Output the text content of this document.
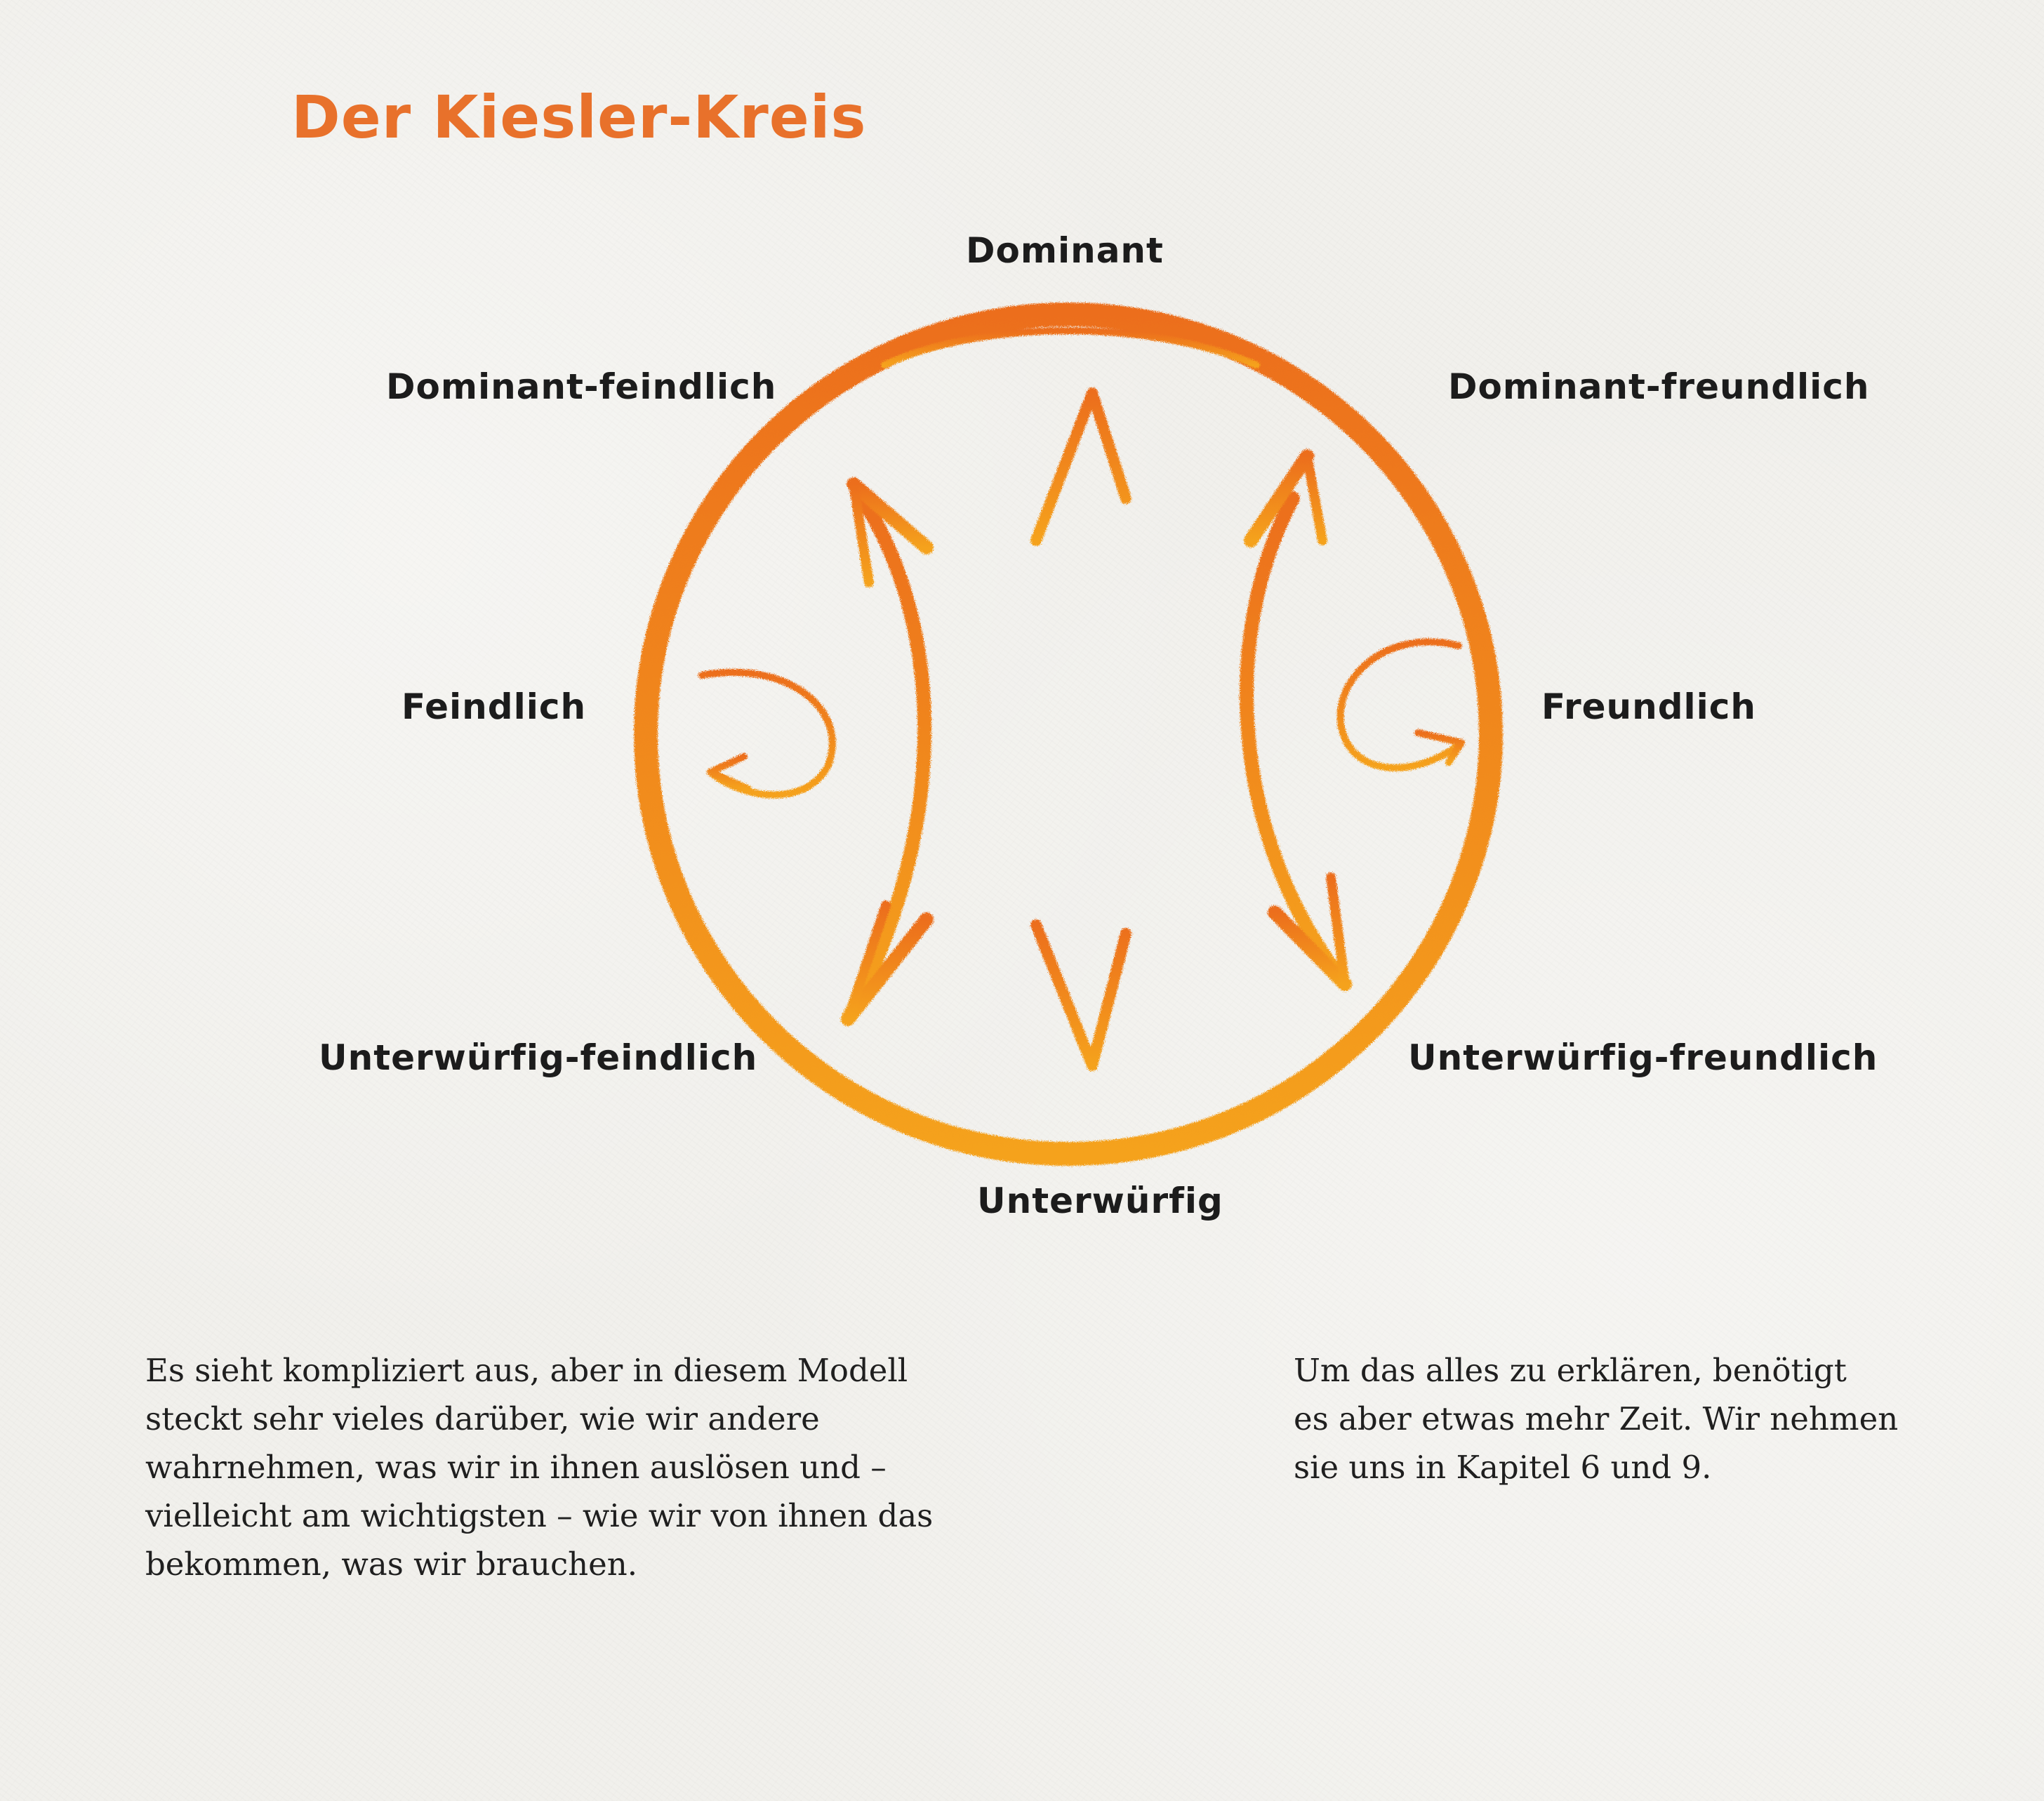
Der Kiesler-Kreis
Dominant
Dominant-feindlich	Dominant-freundlich
Feindlich	Freundlich
Unterwürfig-feindlich	Unterwürfig-freundlich
Unterwürfig
Es sieht kompliziert aus, aber in diesem Modell
steckt sehr vieles darüber, wie wir andere
wahrnehmen, was wir in ihnen auslösen und –
vielleicht am wichtigsten – wie wir von ihnen das
bekommen, was wir brauchen.
Um das alles zu erklären, benötigt
es aber etwas mehr Zeit. Wir nehmen
sie uns in Kapitel 6 und 9.
